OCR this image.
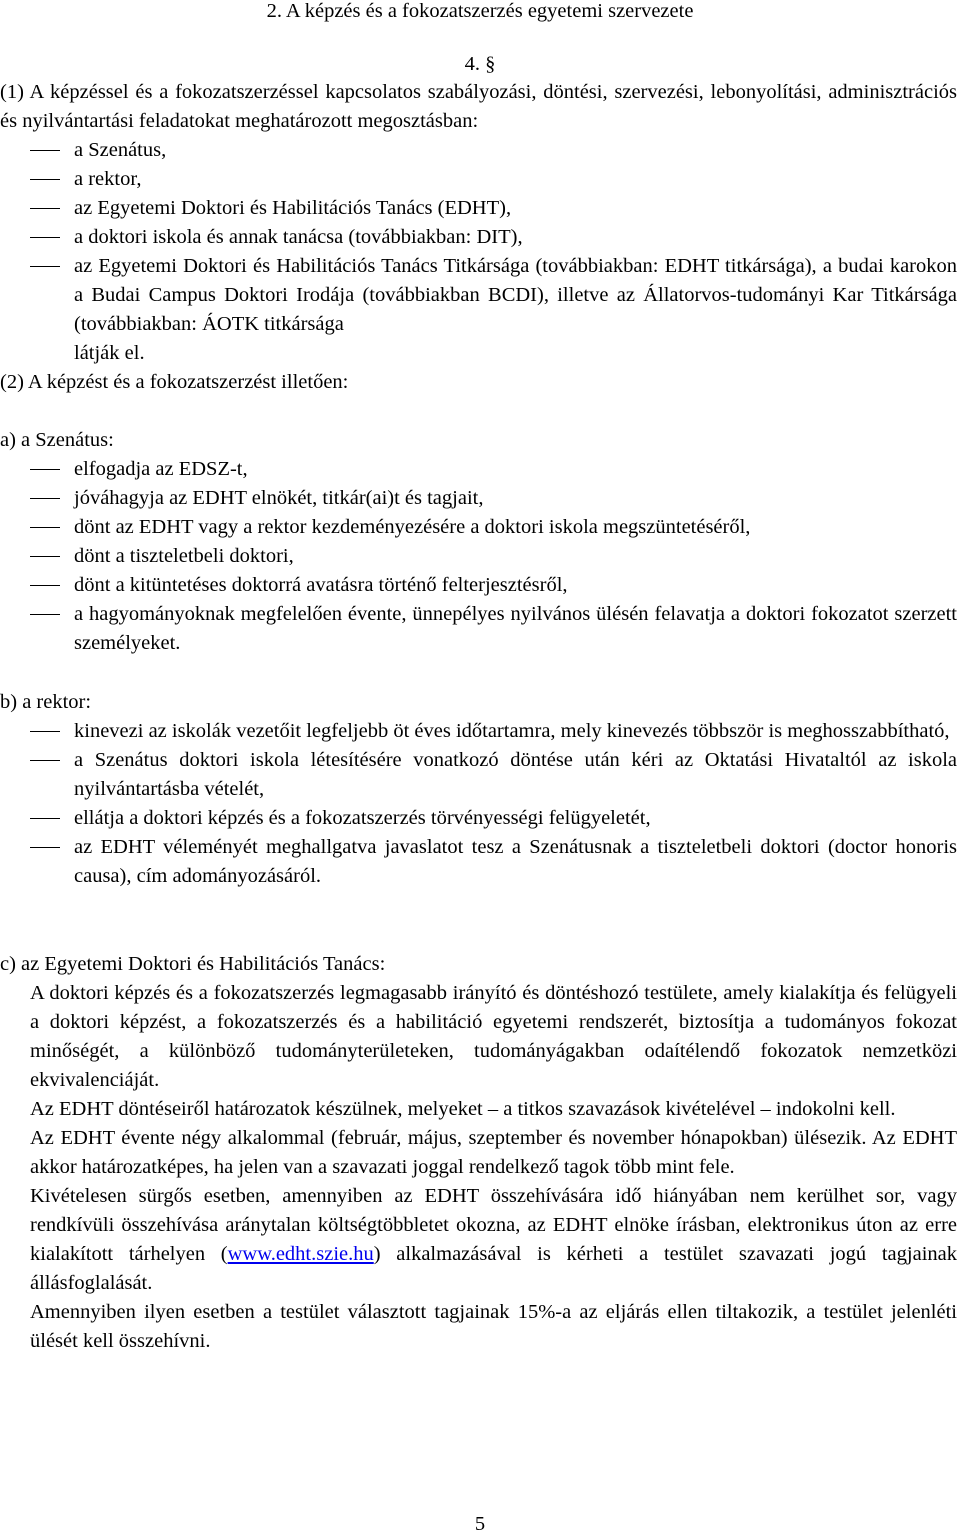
2. A képzés és a fokozatszerzés egyetemi szervezete
4. §
(1) A képzéssel és a fokozatszerzéssel kapcsolatos szabályozási, döntési, szervezési, lebonyolítási, adminisztrációs és nyilvántartási feladatokat meghatározott megosztásban:
a Szenátus,
a rektor,
az Egyetemi Doktori és Habilitációs Tanács (EDHT),
a doktori iskola és annak tanácsa (továbbiakban: DIT),
az Egyetemi Doktori és Habilitációs Tanács Titkársága (továbbiakban: EDHT titkársága), a budai karokon a Budai Campus Doktori Irodája (továbbiakban BCDI), illetve az Állatorvos-tudományi Kar Titkársága (továbbiakban: ÁOTK titkársága
látják el.
(2) A képzést és a fokozatszerzést illetően:
a) a Szenátus:
elfogadja az EDSZ-t,
jóváhagyja az EDHT elnökét, titkár(ai)t és tagjait,
dönt az EDHT vagy a rektor kezdeményezésére a doktori iskola megszüntetéséről,
dönt a tiszteletbeli doktori,
dönt a kitüntetéses doktorrá avatásra történő felterjesztésről,
a hagyományoknak megfelelően évente, ünnepélyes nyilvános ülésén felavatja a doktori fokozatot szerzett személyeket.
b) a rektor:
kinevezi az iskolák vezetőit legfeljebb öt éves időtartamra, mely kinevezés többször is meghosszabbítható,
a Szenátus doktori iskola létesítésére vonatkozó döntése után kéri az Oktatási Hivataltól az iskola nyilvántartásba vételét,
ellátja a doktori képzés és a fokozatszerzés törvényességi felügyeletét,
az EDHT véleményét meghallgatva javaslatot tesz a Szenátusnak a tiszteletbeli doktori (doctor honoris causa), cím adományozásáról.
c) az Egyetemi Doktori és Habilitációs Tanács:
A doktori képzés és a fokozatszerzés legmagasabb irányító és döntéshozó testülete, amely kialakítja és felügyeli a doktori képzést, a fokozatszerzés és a habilitáció egyetemi rendszerét, biztosítja a tudományos fokozat minőségét, a különböző tudományterületeken, tudományágakban odaítélendő fokozatok nemzetközi ekvivalenciáját.
Az EDHT döntéseiről határozatok készülnek, melyeket – a titkos szavazások kivételével – indokolni kell.
Az EDHT évente négy alkalommal (február, május, szeptember és november hónapokban) ülésezik. Az EDHT akkor határozatképes, ha jelen van a szavazati joggal rendelkező tagok több mint fele.
Kivételesen sürgős esetben, amennyiben az EDHT összehívására idő hiányában nem kerülhet sor, vagy rendkívüli összehívása aránytalan költségtöbbletet okozna, az EDHT elnöke írásban, elektronikus úton az erre kialakított tárhelyen (www.edht.szie.hu) alkalmazásával is kérheti a testület szavazati jogú tagjainak állásfoglalását.
Amennyiben ilyen esetben a testület választott tagjainak 15%-a az eljárás ellen tiltakozik, a testület jelenléti ülését kell összehívni.
5
